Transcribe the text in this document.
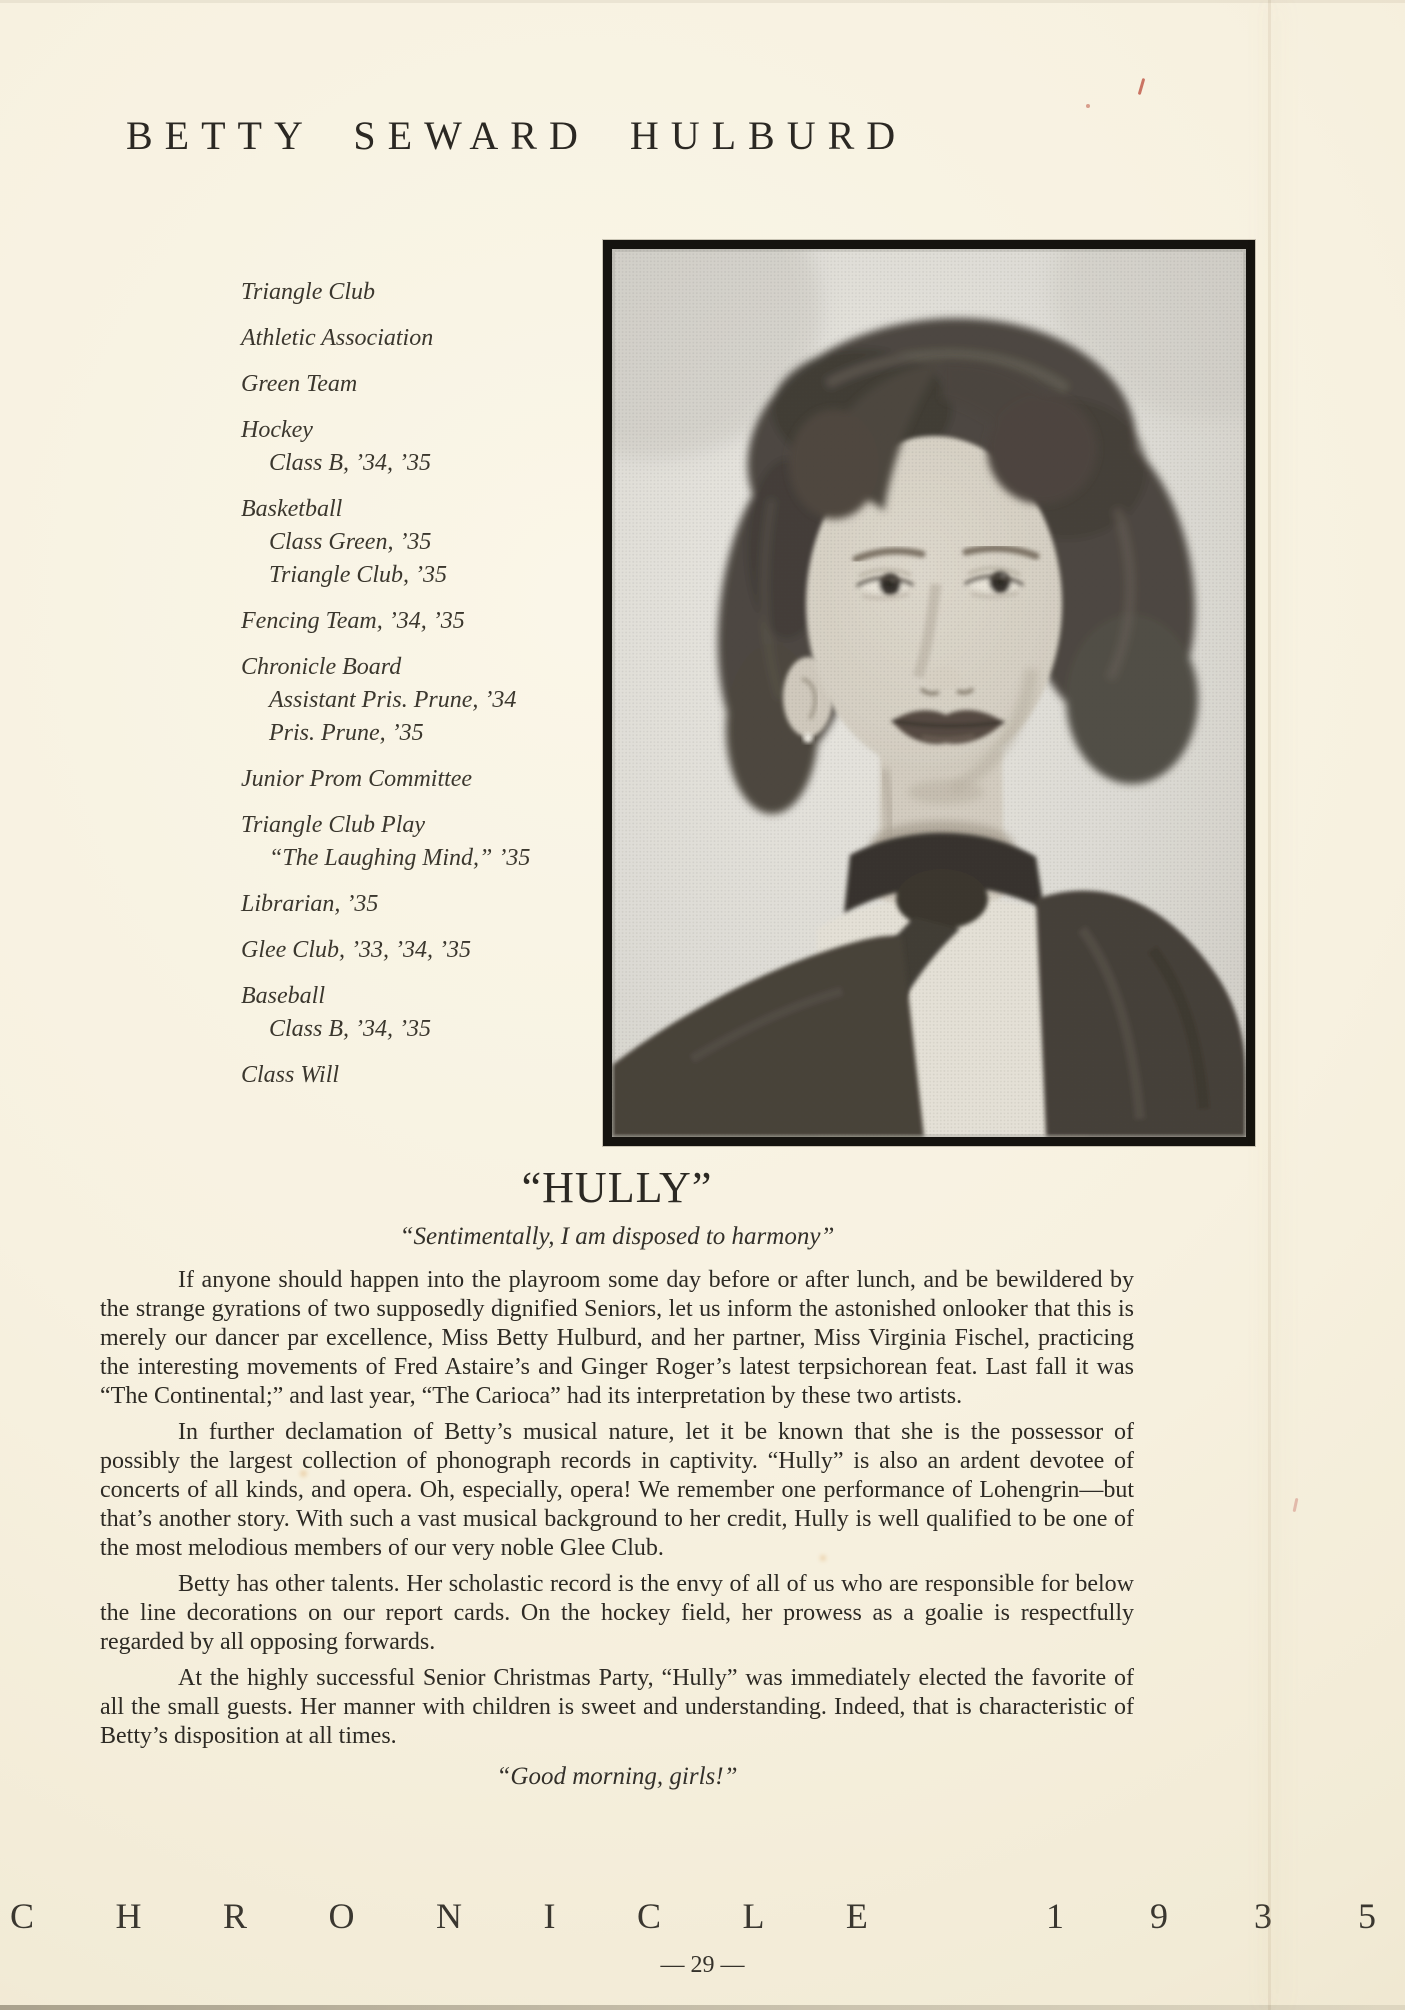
BETTY SEWARD HULBURD
Triangle Club
Athletic Association
Green Team
Hockey
Class B, ’34, ’35
Basketball
Class Green, ’35
Triangle Club, ’35
Fencing Team, ’34, ’35
Chronicle Board
Assistant Pris. Prune, ’34
Pris. Prune, ’35
Junior Prom Committee
Triangle Club Play
“The Laughing Mind,” ’35
Librarian, ’35
Glee Club, ’33, ’34, ’35
Baseball
Class B, ’34, ’35
Class Will
“HULLY”
“Sentimentally, I am disposed to harmony”

If anyone should happen into the playroom some day before or after lunch, and be bewildered by the strange gyrations of two supposedly dignified Seniors, let us inform the astonished onlooker that this is merely our dancer par excellence, Miss Betty Hulburd, and her partner, Miss Virginia Fischel, practicing the interesting movements of Fred Astaire’s and Ginger Roger’s latest terpsichorean feat. Last fall it was “The Continental;” and last year, “The Carioca” had its interpretation by these two artists.

In further declamation of Betty’s musical nature, let it be known that she is the possessor of possibly the largest collection of phonograph records in captivity. “Hully” is also an ardent devotee of concerts of all kinds, and opera. Oh, especially, opera! We remember one performance of Lohengrin—but that’s another story. With such a vast musical background to her credit, Hully is well qualified to be one of the most melodious members of our very noble Glee Club.

Betty has other talents. Her scholastic record is the envy of all of us who are responsible for below the line decorations on our report cards. On the hockey field, her prowess as a goalie is respectfully regarded by all opposing forwards.

At the highly successful Senior Christmas Party, “Hully” was immediately elected the favorite of all the small guests. Her manner with children is sweet and understanding. Indeed, that is characteristic of Betty’s disposition at all times.

“Good morning, girls!”
C H R O N I C L E	1 9 3 5
— 29 —
